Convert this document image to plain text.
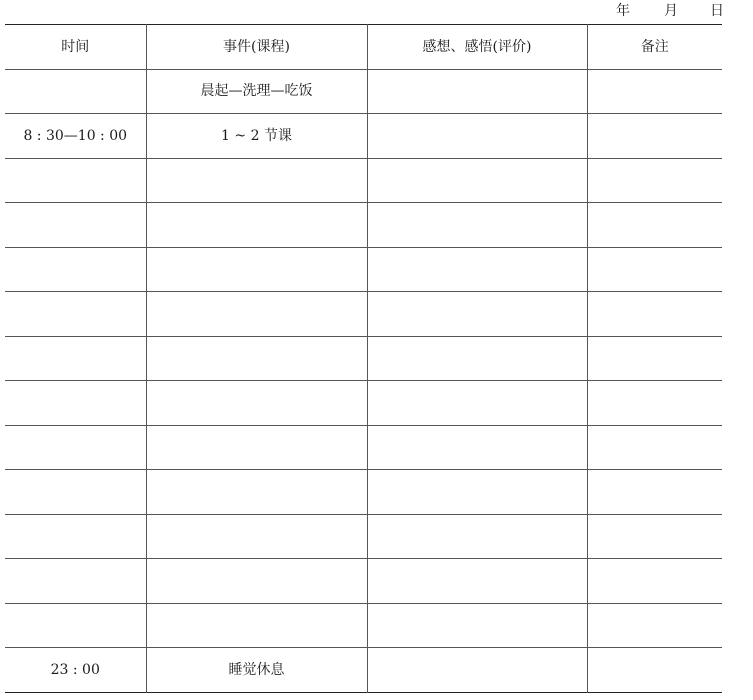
年 月 日
时间	事件(课程)	感想、感悟(评价)	备注
	晨起—洗理—吃饭		
8 : 30—10 : 00	1 ~ 2 节课		

23 : 00	睡觉休息		
